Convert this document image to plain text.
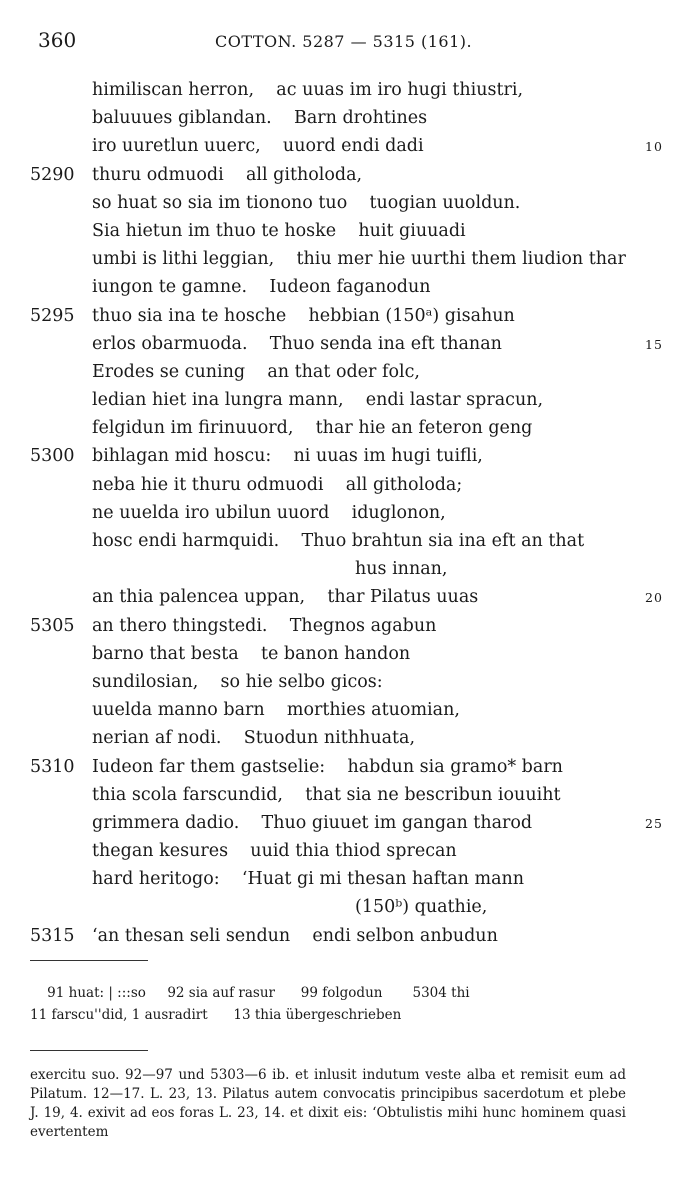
360	COTTON. 5287 — 5315 (161).
himiliscan herron,    ac uuas im iro hugi thiustri,
baluuues giblandan.    Barn drohtines
iro uuretlun uuerc,    uuord endi dadi	10
5290 thuru odmuodi    all githoloda,
so huat so sia im tionono tuo    tuogian uuoldun.
Sia hietun im thuo te hoske    huit giuuadi
umbi is lithi leggian,    thiu mer hie uurthi them liudion thar
iungon te gamne.    Iudeon faganodun
5295 thuo sia ina te hosche    hebbian (150ᵃ) gisahun
erlos obarmuoda.    Thuo senda ina eft thanan	15
Erodes se cuning    an that oder folc,
ledian hiet ina lungra mann,    endi lastar spracun,
felgidun im firinuuord,    thar hie an feteron geng
5300 bihlagan mid hoscu:    ni uuas im hugi tuifli,
neba hie it thuru odmuodi    all githoloda;
ne uuelda iro ubilun uuord    iduglonon,
hosc endi harmquidi.    Thuo brahtun sia ina eft an that
hus innan,
an thia palencea uppan,    thar Pilatus uuas	20
5305 an thero thingstedi.    Thegnos agabun
barno that besta    te banon handon
sundilosian,    so hie selbo gicos:
uuelda manno barn    morthies atuomian,
nerian af nodi.    Stuodun nithhuata,
5310 Iudeon far them gastselie:    habdun sia gramo* barn
thia scola farscundid,    that sia ne bescribun iouuiht
grimmera dadio.    Thuo giuuet im gangan tharod	25
thegan kesures    uuid thia thiod sprecan
hard heritogo:    ‘Huat gi mi thesan haftan mann
(150ᵇ) quathie,
5315 ‘an thesan seli sendun    endi selbon anbudun
91 huat: | :::so     92 sia auf rasur      99 folgodun       5304 thi
11 farscu''did, 1 ausradirt      13 thia übergeschrieben
exercitu suo. 92—97 und 5303—6 ib. et inlusit indutum veste alba et remisit eum ad Pilatum. 12—17. L. 23, 13. Pilatus autem convocatis principibus sacerdotum et plebe J. 19, 4. exivit ad eos foras L. 23, 14. et dixit eis: ‘Obtulistis mihi hunc hominem quasi evertentem
